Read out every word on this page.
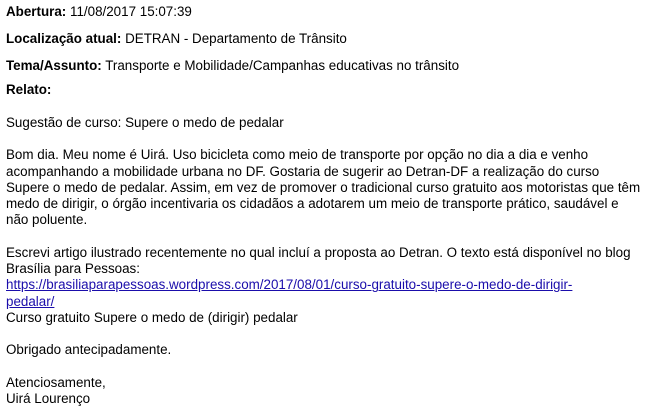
Abertura: 11/08/2017 15:07:39
Localização atual: DETRAN - Departamento de Trânsito
Tema/Assunto: Transporte e Mobilidade/Campanhas educativas no trânsito
Relato:
Sugestão de curso: Supere o medo de pedalar
Bom dia. Meu nome é Uirá. Uso bicicleta como meio de transporte por opção no dia a dia e venho acompanhando a mobilidade urbana no DF. Gostaria de sugerir ao Detran-DF a realização do curso Supere o medo de pedalar. Assim, em vez de promover o tradicional curso gratuito aos motoristas que têm medo de dirigir, o órgão incentivaria os cidadãos a adotarem um meio de transporte prático, saudável e não poluente.
Escrevi artigo ilustrado recentemente no qual incluí a proposta ao Detran. O texto está disponível no blog Brasília para Pessoas:
https://brasiliaparapessoas.wordpress.com/2017/08/01/curso-gratuito-supere-o-medo-de-dirigir-
pedalar/
Curso gratuito Supere o medo de (dirigir) pedalar
Obrigado antecipadamente.
Atenciosamente,
Uirá Lourenço
